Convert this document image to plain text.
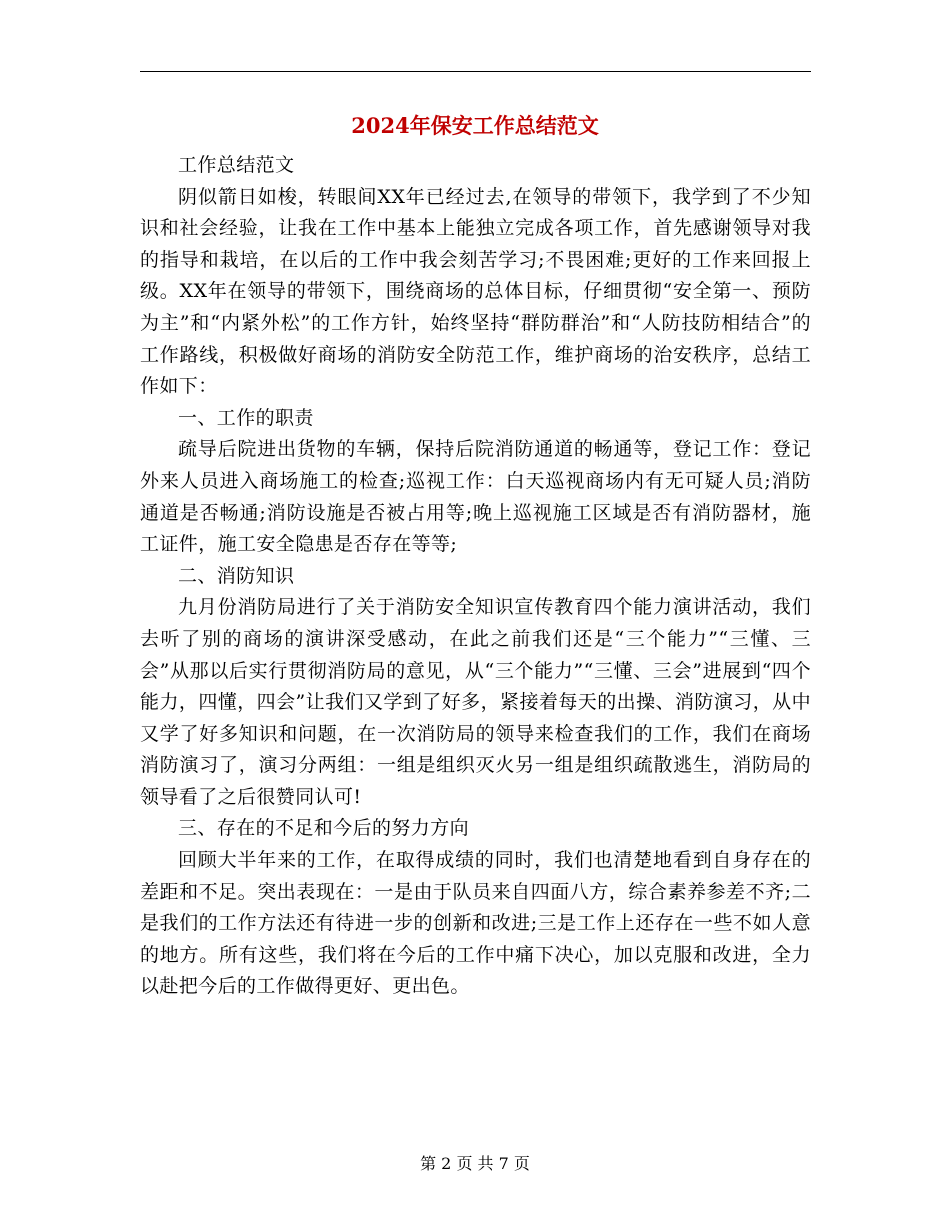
2024年保安工作总结范文

工作总结范文

阴似箭日如梭，转眼间XX年已经过去,在领导的带领下，我学到了不少知识和社会经验，让我在工作中基本上能独立完成各项工作，首先感谢领导对我的指导和栽培，在以后的工作中我会刻苦学习;不畏困难;更好的工作来回报上级。XX年在领导的带领下，围绕商场的总体目标，仔细贯彻“安全第一、预防为主”和“内紧外松”的工作方针，始终坚持“群防群治”和“人防技防相结合”的工作路线，积极做好商场的消防安全防范工作，维护商场的治安秩序，总结工作如下：

一、工作的职责

疏导后院进出货物的车辆，保持后院消防通道的畅通等，登记工作：登记外来人员进入商场施工的检查;巡视工作：白天巡视商场内有无可疑人员;消防通道是否畅通;消防设施是否被占用等;晚上巡视施工区域是否有消防器材，施工证件，施工安全隐患是否存在等等;

二、消防知识

九月份消防局进行了关于消防安全知识宣传教育四个能力演讲活动，我们去听了别的商场的演讲深受感动，在此之前我们还是“三个能力”“三懂、三会”从那以后实行贯彻消防局的意见，从“三个能力”“三懂、三会”进展到“四个能力，四懂，四会”让我们又学到了好多，紧接着每天的出操、消防演习，从中又学了好多知识和问题，在一次消防局的领导来检查我们的工作，我们在商场消防演习了，演习分两组：一组是组织灭火另一组是组织疏散逃生，消防局的领导看了之后很赞同认可!

三、存在的不足和今后的努力方向

回顾大半年来的工作，在取得成绩的同时，我们也清楚地看到自身存在的差距和不足。突出表现在：一是由于队员来自四面八方，综合素养参差不齐;二是我们的工作方法还有待进一步的创新和改进;三是工作上还存在一些不如人意的地方。所有这些，我们将在今后的工作中痛下决心，加以克服和改进，全力以赴把今后的工作做得更好、更出色。

第 2 页 共 7 页
